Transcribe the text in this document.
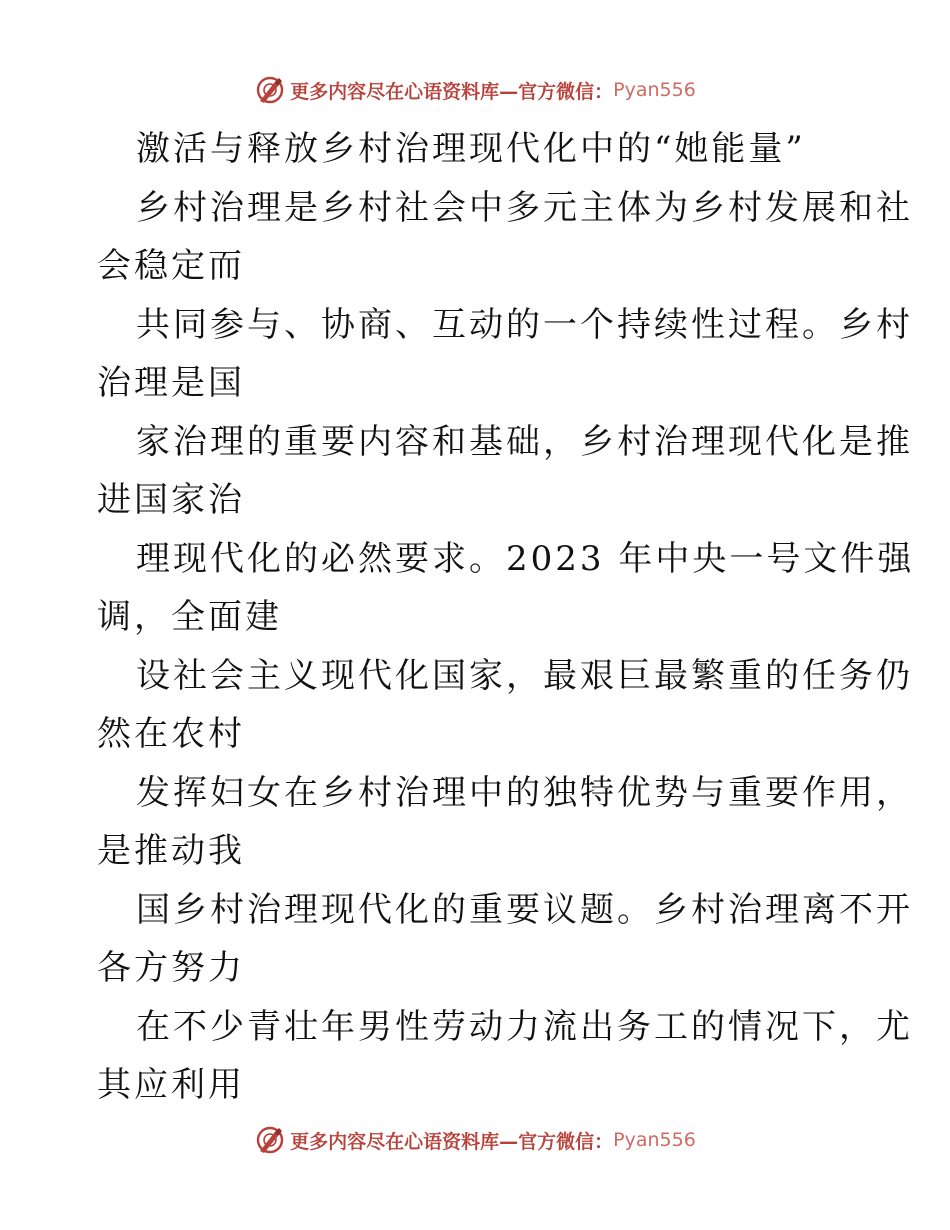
更多内容尽在心语资料库—官方微信： Pyan556
激活与释放乡村治理现代化中的“她能量”
乡村治理是乡村社会中多元主体为乡村发展和社
会稳定而
共同参与、协商、互动的一个持续性过程。乡村
治理是国
家治理的重要内容和基础，乡村治理现代化是推
进国家治
理现代化的必然要求。2023 年中央一号文件强
调，全面建
设社会主义现代化国家，最艰巨最繁重的任务仍
然在农村
发挥妇女在乡村治理中的独特优势与重要作用，
是推动我
国乡村治理现代化的重要议题。乡村治理离不开
各方努力
在不少青壮年男性劳动力流出务工的情况下，尤
其应利用
更多内容尽在心语资料库—官方微信： Pyan556
